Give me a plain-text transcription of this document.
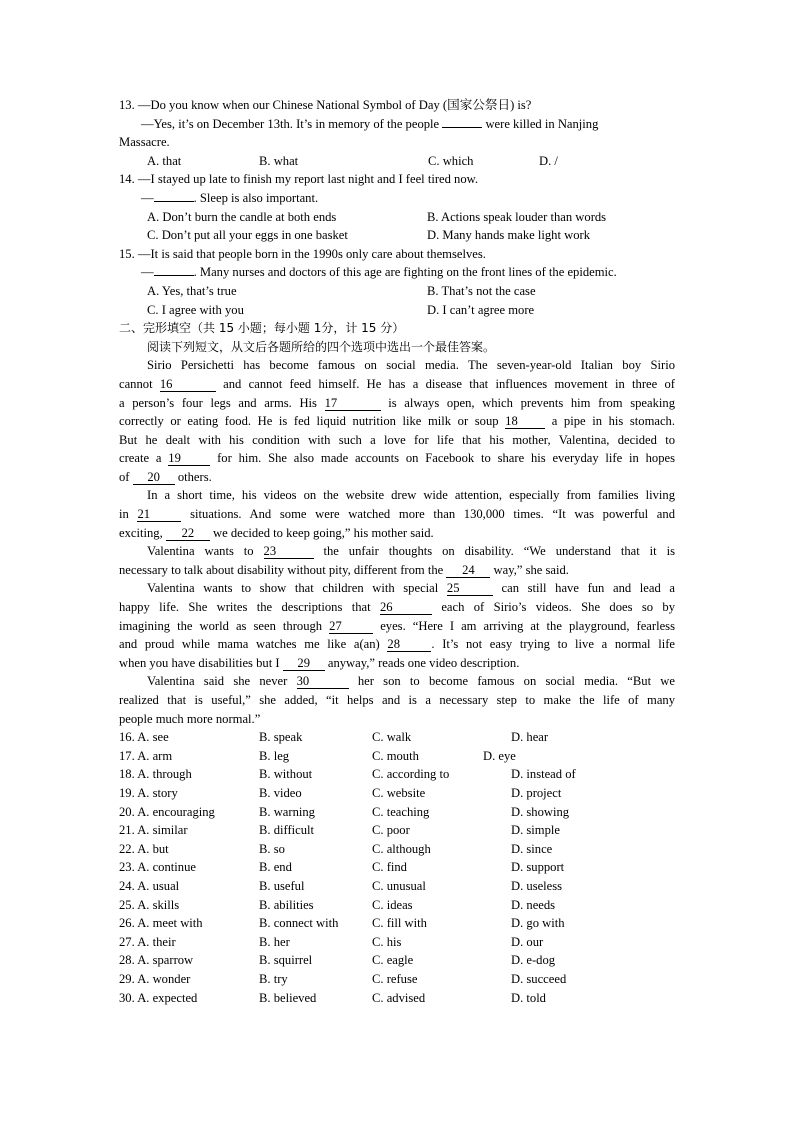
13. —Do you know when our Chinese National Symbol of Day (国家公祭日) is?
—Yes, it’s on December 13th. It’s in memory of the people	were killed in Nanjing
Massacre.
A. that	B. what	C. which	D. /
14. —I stayed up late to finish my report last night and I feel tired now.
—	. Sleep is also important.
A. Don’t burn the candle at both ends	B. Actions speak louder than words
C. Don’t put all your eggs in one basket	D. Many hands make light work
15. —It is said that people born in the 1990s only care about themselves.
—	. Many nurses and doctors of this age are fighting on the front lines of the epidemic.
A. Yes, that’s true	B. That’s not the case
C. I agree with you	D. I can’t agree more
二、完形填空（共 15 小题；每小题 1分，计 15 分）
阅读下列短文，从文后各题所给的四个选项中选出一个最佳答案。
Sirio Persichetti has become famous on social media. The seven-year-old Italian boy Sirio
cannot 16	and cannot feed himself. He has a disease that influences movement in three of
a person’s four legs and arms. His 17	is always open, which prevents him from speaking
correctly or eating food. He is fed liquid nutrition like milk or soup 18	a pipe in his stomach.
But he dealt with his condition with such a love for life that his mother, Valentina, decided to
create a 19	for him. She also made accounts on Facebook to share his everyday life in hopes
of 20 others.
In a short time, his videos on the website drew wide attention, especially from families living
in 21	situations. And some were watched more than 130,000 times. “It was powerful and
exciting, 22 we decided to keep going,” his mother said.
Valentina wants to 23	the unfair thoughts on disability. “We understand that it is
necessary to talk about disability without pity, different from the 24 way,” she said.
Valentina wants to show that children with special 25	can still have fun and lead a
happy life. She writes the descriptions that 26	each of Sirio’s videos. She does so by
imagining the world as seen through 27	eyes. “Here I am arriving at the playground, fearless
and proud while mama watches me like a(an) 28 . It’s not easy trying to live a normal life
when you have disabilities but I 29 anyway,” reads one video description.
Valentina said she never 30	her son to become famous on social media. “But we
realized that is useful,” she added, “it helps and is a necessary step to make the life of many
people much more normal.”
16. A. see	B. speak	C. walk	D. hear
17. A. arm	B. leg	C. mouth	D. eye
18. A. through	B. without	C. according to	D. instead of
19. A. story	B. video	C. website	D. project
20. A. encouraging	B. warning	C. teaching	D. showing
21. A. similar	B. difficult	C. poor	D. simple
22. A. but	B. so	C. although	D. since
23. A. continue	B. end	C. find	D. support
24. A. usual	B. useful	C. unusual	D. useless
25. A. skills	B. abilities	C. ideas	D. needs
26. A. meet with	B. connect with	C. fill with	D. go with
27. A. their	B. her	C. his	D. our
28. A. sparrow	B. squirrel	C. eagle	D. e-dog
29. A. wonder	B. try	C. refuse	D. succeed
30. A. expected	B. believed	C. advised	D. told
